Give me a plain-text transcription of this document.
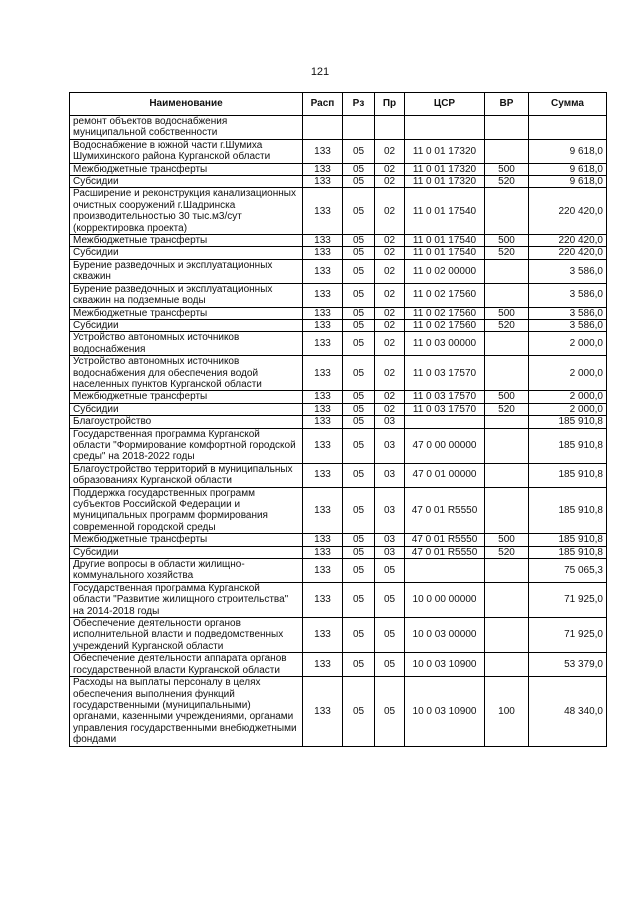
121
Наименование	Расп	Рз	Пр	ЦСР	ВР	Сумма
ремонт объектов водоснабжения муниципальной собственности						
Водоснабжение в южной части г.Шумиха Шумихинского района Курганской области	133	05	02	11 0 01 17320		9 618,0
Межбюджетные трансферты	133	05	02	11 0 01 17320	500	9 618,0
Субсидии	133	05	02	11 0 01 17320	520	9 618,0
Расширение и реконструкция канализационных очистных сооружений г.Шадринска производительностью 30 тыс.м3/сут (корректировка проекта)	133	05	02	11 0 01 17540		220 420,0
Межбюджетные трансферты	133	05	02	11 0 01 17540	500	220 420,0
Субсидии	133	05	02	11 0 01 17540	520	220 420,0
Бурение разведочных и эксплуатационных скважин	133	05	02	11 0 02 00000		3 586,0
Бурение разведочных и эксплуатационных скважин на подземные воды	133	05	02	11 0 02 17560		3 586,0
Межбюджетные трансферты	133	05	02	11 0 02 17560	500	3 586,0
Субсидии	133	05	02	11 0 02 17560	520	3 586,0
Устройство автономных источников водоснабжения	133	05	02	11 0 03 00000		2 000,0
Устройство автономных источников водоснабжения для обеспечения водой населенных пунктов Курганской области	133	05	02	11 0 03 17570		2 000,0
Межбюджетные трансферты	133	05	02	11 0 03 17570	500	2 000,0
Субсидии	133	05	02	11 0 03 17570	520	2 000,0
Благоустройство	133	05	03			185 910,8
Государственная программа Курганской области "Формирование комфортной городской среды" на 2018-2022 годы	133	05	03	47 0 00 00000		185 910,8
Благоустройство территорий в муниципальных образованиях Курганской области	133	05	03	47 0 01 00000		185 910,8
Поддержка государственных программ субъектов Российской Федерации и муниципальных программ формирования современной городской среды	133	05	03	47 0 01 R5550		185 910,8
Межбюджетные трансферты	133	05	03	47 0 01 R5550	500	185 910,8
Субсидии	133	05	03	47 0 01 R5550	520	185 910,8
Другие вопросы в области жилищно-коммунального хозяйства	133	05	05			75 065,3
Государственная программа Курганской области "Развитие жилищного строительства" на 2014-2018 годы	133	05	05	10 0 00 00000		71 925,0
Обеспечение деятельности органов исполнительной власти и подведомственных учреждений Курганской области	133	05	05	10 0 03 00000		71 925,0
Обеспечение деятельности аппарата органов государственной власти Курганской области	133	05	05	10 0 03 10900		53 379,0
Расходы на выплаты персоналу в целях обеспечения выполнения функций государственными (муниципальными) органами, казенными учреждениями, органами управления государственными внебюджетными фондами	133	05	05	10 0 03 10900	100	48 340,0
